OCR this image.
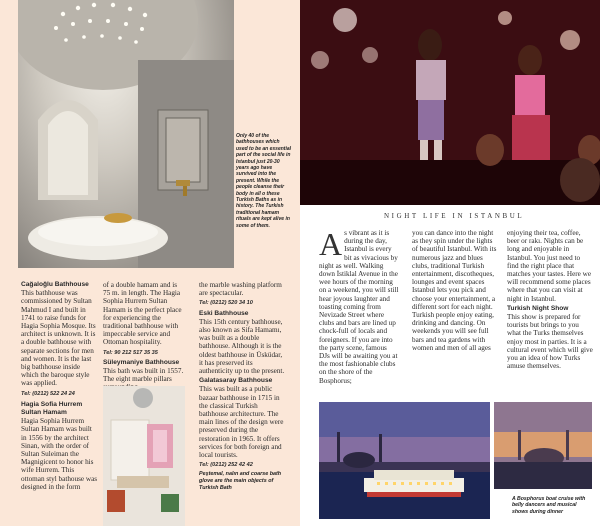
Only 40 of the bathhouses which used to be an essential part of the social life in Istanbul just 20-30 years ago have survived into the present. While the people cleanse their body in all o these Turkish Baths as in history. The Turkish traditional hamam rituals are kept alive in some of them.
Cağaloğlu Bathhouse

This bathhouse was commissioned by Sultan Mahmud I and built in 1741 to raise funds for Hagia Sophia Mosque. Its architect is unknown. It is a double bathhouse with separate sections for men and women. It is the last big bathhouse inside which the baroque style was applied.

Tel: (0212) 522 24 24
Hagia Sofia Hurrem Sultan Hamam

Hagia Sophia Hurrem Sultan Hamam was built in 1556 by the architect Sinan, with the order of Sultan Suleiman the Magnigicent to honor his wife Hurrem. This ottoman styl bathouse was designed in the form

of a double hamam and is 75 m. in length. The Hagia Sophia Hurrem Sultan Hamam is the perfect place for experiencing the traditional bathhouse with impeccable service and Ottoman hospitality.

Tel: 90 212 517 35 35
Süleymaniye Bathhouse

This bath was built in 1557. The eight marble pillars

the marble washing platform are spectacular.

Tel: (0212) 520 34 10
Eski Bathhouse

This 15th century bathhouse, also known as Sifa Hamamı, was built as a double bathhouse. Although it is the oldest bathhouse in Üsküdar, it has preserved its authenticity up to the present.

Galatasaray Bathhouse

This was built as a public bazaar bathhouse in 1715 in the classical Turkish bathhouse architecture. The main lines of the design were preserved during the restoration in 1965. It offers services for both foreign and local tourists.

Tel: (0212) 252 42 42
Peştemal, nalın and coarse bath glove are the main objects of Turkish Bath
NIGHT LIFE IN ISTANBUL
A s vibrant as it is during the day, Istanbul is every bit as vivacious by night as well. Walking down İstiklal Avenue in the wee hours of the morning on a weekend, you will still hear joyous laughter and toasting coming from Nevizade Street where clubs and bars are lined up chock-full of locals and foreigners. If you are into the party scene, famous DJs will be awaiting you at the most fashionable clubs on the shore of the Bosphorus;
you can dance into the night as they spin under the lights of beautiful Istanbul. With its numerous jazz and blues clubs, traditional Turkish entertainment, discotheques, lounges and event spaces Istanbul lets you pick and choose your entertainment, a different sort for each night. Turkish people enjoy eating, drinking and dancing. On weekends you will see full bars and tea gardens with women and men of all ages

enjoying their tea, coffee, beer or rakı. Nights can be long and enjoyable in Istanbul. You just need to find the right place that matches your tastes. Here we will recommend some places where that you can visit at night in Istanbul.

Turkish Night Show

This show is prepared for tourists but brings to you what the Turks themselves enjoy most in parties. It is a cultural event which will give you an idea of how Turks amuse themselves.

A Bosphorus boat cruise with belly dancers and musical shows during dinner
